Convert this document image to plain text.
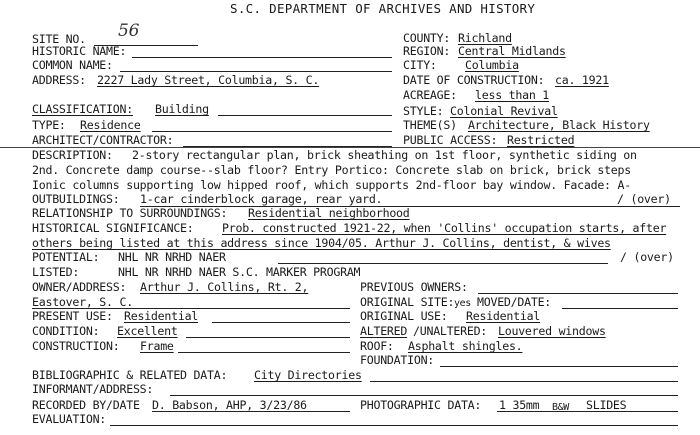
S.C. DEPARTMENT OF ARCHIVES AND HISTORY
SITE NO. 56	COUNTY: Richland
HISTORIC NAME:	REGION: Central Midlands
COMMON NAME:	CITY: Columbia
ADDRESS: 2227 Lady Street, Columbia, S. C.	DATE OF CONSTRUCTION: ca. 1921
ACREAGE: less than 1
CLASSIFICATION: Building	STYLE: Colonial Revival
TYPE: Residence	THEME(S) Architecture, Black History
ARCHITECT/CONTRACTOR:	PUBLIC ACCESS: Restricted
DESCRIPTION: 2-story rectangular plan, brick sheathing on 1st floor, synthetic siding on
2nd. Concrete damp course--slab floor? Entry Portico: Concrete slab on brick, brick steps
Ionic columns supporting low hipped roof, which supports 2nd-floor bay window. Facade: A-
OUTBUILDINGS: 1-car cinderblock garage, rear yard.	/ (over)
RELATIONSHIP TO SURROUNDINGS: Residential neighborhood
HISTORICAL SIGNIFICANCE: Prob. constructed 1921-22, when 'Collins' occupation starts, after
others being listed at this address since 1904/05. Arthur J. Collins, dentist, & wives
POTENTIAL: NHL NR NRHD NAER	/ (over)
LISTED:	NHL NR NRHD NAER S.C. MARKER PROGRAM
OWNER/ADDRESS: Arthur J. Collins, Rt. 2,	PREVIOUS OWNERS:
Eastover, S. C.	ORIGINAL SITE: yes MOVED/DATE:
PRESENT USE: Residential	ORIGINAL USE: Residential
CONDITION: Excellent	ALTERED /UNALTERED: Louvered windows
CONSTRUCTION: Frame	ROOF: Asphalt shingles.
FOUNDATION:
BIBLIOGRAPHIC & RELATED DATA: City Directories
INFORMANT/ADDRESS:
RECORDED BY/DATE D. Babson, AHP, 3/23/86	PHOTOGRAPHIC DATA: 1 35mm B&W SLIDES
EVALUATION:
